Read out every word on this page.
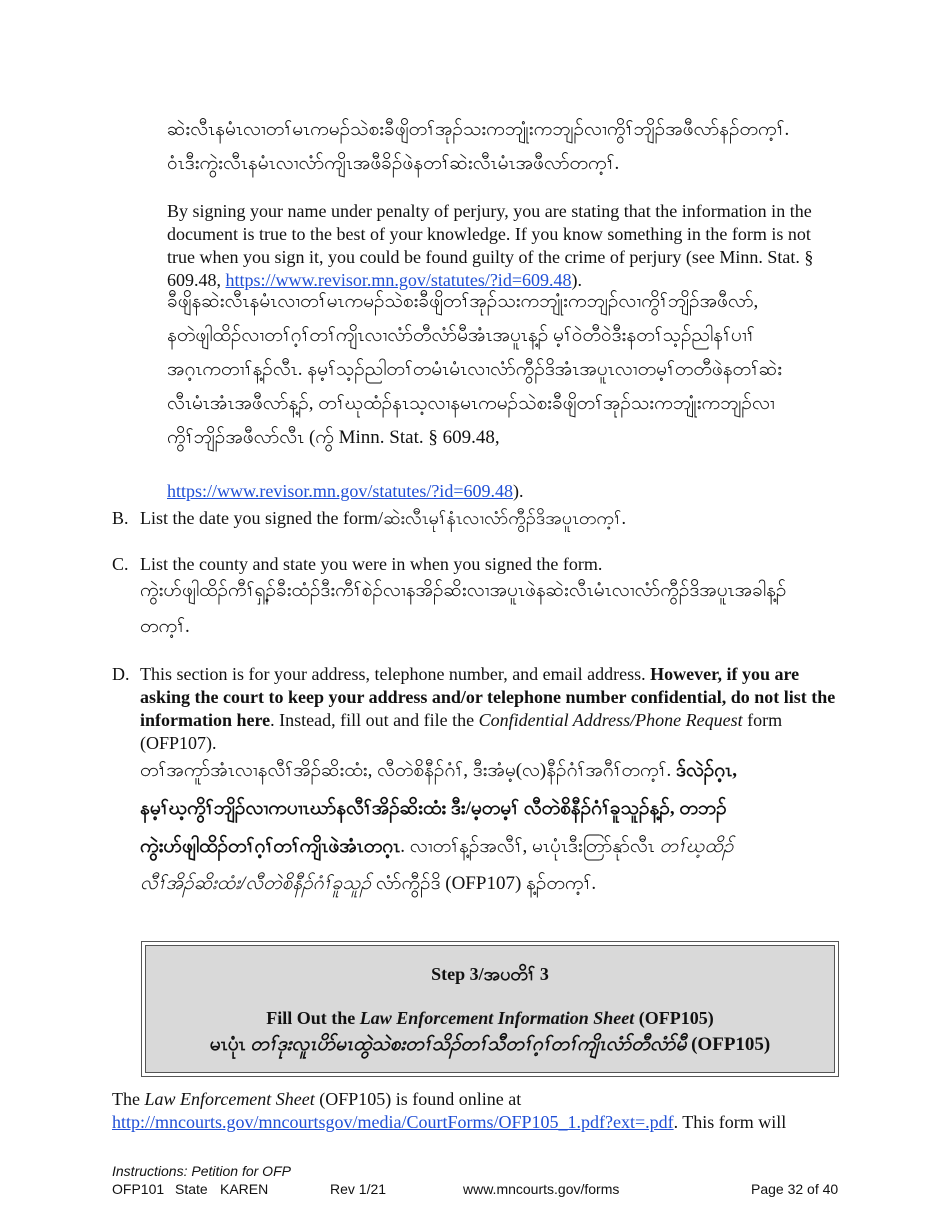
ဆဲးလီၤနမံၤလၢတၢ်မၤကမၣ်သဲစးခီဖျိတၢ်အုၣ်သးကဘျုံးကဘျၣ်လၢကွိၢ်ဘျိၣ်အဖီလာ်နၣ်တက့ၢ်.
ဝံၤဒီးကွဲးလီၤနမံၤလၢလံာ်ကျိၤအဖီခိၣ်ဖဲနတၢ်ဆဲးလီၤမံၤအဖီလာ်တက့ၢ်.
By signing your name under penalty of perjury, you are stating that the information in the document is true to the best of your knowledge. If you know something in the form is not true when you sign it, you could be found guilty of the crime of perjury (see Minn. Stat. § 609.48, https://www.revisor.mn.gov/statutes/?id=609.48).
ခီဖျိနဆဲးလီၤနမံၤလၢတၢ်မၤကမၣ်သဲစးခီဖျိတၢ်အုၣ်သးကဘျုံးကဘျၣ်လၢကွိၢ်ဘျိၣ်အဖီလာ်,
နတဲဖျါထိၣ်လၢတၢ်ဂ့ၢ်တၢ်ကျိၤလၢလံာ်တီလံာ်မီအံၤအပူၤန့ၣ် မ့ၢ်ဝဲတီဝဲဒီးနတၢ်သ့ၣ်ညါနၢ်ပၢၢ်
အဂ့ၤကတၢၢ်န့ၣ်လီၤ. နမ့ၢ်သ့ၣ်ညါတၢ်တမံၤမံၤလၢလံာ်ကွီၣ်ဒိအံၤအပူၤလၢတမ့ၢ်တတီဖဲနတၢ်ဆဲး
လီၤမံၤအံၤအဖီလာ်န့ၣ်, တၢ်ဃုထံၣ်နၤသ့လၢနမၤကမၣ်သဲစးခီဖျိတၢ်အုၣ်သးကဘျုံးကဘျၣ်လၢ
ကွိၢ်ဘျိၣ်အဖီလာ်လီၤ (ကွ် Minn. Stat. § 609.48,
https://www.revisor.mn.gov/statutes/?id=609.48).
B. List the date you signed the form/ဆဲးလီၤမုၢ်နံၤလၢလံာ်ကွီၣ်ဒိအပူၤတက့ၢ်.
C. List the county and state you were in when you signed the form.
ကွဲးဟ်ဖျါထိၣ်ကီၢ်ရှ့ၣ်ခီးထံၣ်ဒီးကီၢ်စဲၣ်လၢနအိၣ်ဆိးလၢအပူၤဖဲနဆဲးလီၤမံၤလၢလံာ်ကွီၣ်ဒိအပူၤအခါန့ၣ်
တက့ၢ်.
D. This section is for your address, telephone number, and email address. However, if you are asking the court to keep your address and/or telephone number confidential, do not list the information here. Instead, fill out and file the Confidential Address/Phone Request form (OFP107).
တၢ်အကူာ်အံၤလၢနလီၢ်အိၣ်ဆိးထံး, လီတဲစိနီၣ်ဂံၢ်, ဒီးအံမ့(လ)နီၣ်ဂံၢ်အဂီၢ်တက့ၢ်. ဒ်လဲၣ်ဂ့ၤ,
နမ့ၢ်ဃ့ကွိၢ်ဘျိၣ်လၢကပၢၤဃာ်နလီၢ်အိၣ်ဆိးထံး ဒီး/မ့တမ့ၢ် လီတဲစိနီၣ်ဂံၢ်ခူသူၣ်န့ၣ်, တဘၣ်
ကွဲးဟ်ဖျါထိၣ်တၢ်ဂ့ၢ်တၢ်ကျိၤဖဲအံၤတဂ့ၤ. လၢတၢ်န့ၣ်အလီၢ်, မၤပုံၤဒီးတြာ်နုာ်လီၤ တၢ်ဃ့ထိၣ်
လီၢ်အိၣ်ဆိးထံး/လီတဲစိနီၣ်ဂံၢ်ခူသူၣ် လံာ်ကွီၣ်ဒိ (OFP107) န့ၣ်တက့ၢ်.
Step 3/အပတိၢ် 3
Fill Out the Law Enforcement Information Sheet (OFP105)
မၤပုံၤ တၢ်ဒုးလူၤပိာ်မၤထွဲသဲစးတၢ်သိၣ်တၢ်သီတၢ်ဂ့ၢ်တၢ်ကျိၤလံာ်တီလံာ်မီ (OFP105)
The Law Enforcement Sheet (OFP105) is found online at
http://mncourts.gov/mncourtsgov/media/CourtForms/OFP105_1.pdf?ext=.pdf. This form will
Instructions: Petition for OFP
OFP101 State KAREN	Rev 1/21	www.mncourts.gov/forms	Page 32 of 40
